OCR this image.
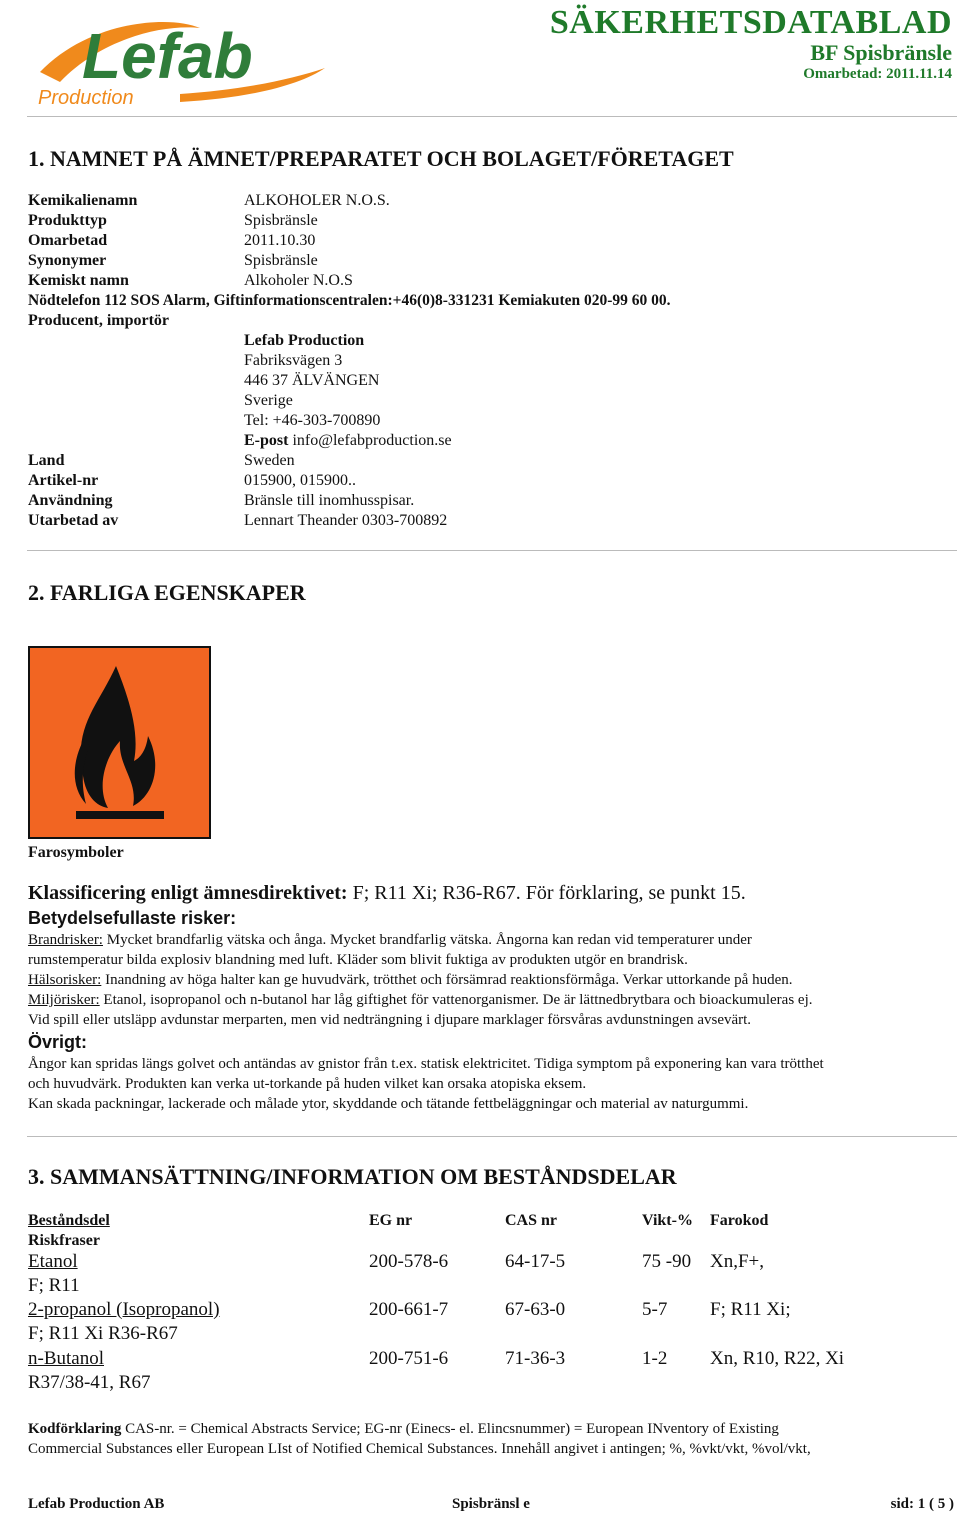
Lefab
Production
SÄKERHETSDATABLAD
BF Spisbränsle
Omarbetad: 2011.11.14
1. NAMNET PÅ ÄMNET/PREPARATET OCH BOLAGET/FÖRETAGET
Kemikalienamn	ALKOHOLER N.O.S.
Produkttyp	Spisbränsle
Omarbetad	2011.10.30
Synonymer	Spisbränsle
Kemiskt namn	Alkoholer N.O.S
Nödtelefon 112 SOS Alarm, Giftinformationscentralen:+46(0)8-331231 Kemiakuten 020-99 60 00.
Producent, importör
Lefab Production
Fabriksvägen 3
446 37 ÄLVÄNGEN
Sverige
Tel: +46-303-700890
E-post info@lefabproduction.se
Land	Sweden
Artikel-nr	015900, 015900..
Användning	Bränsle till inomhusspisar.
Utarbetad av	Lennart Theander 0303-700892
2. FARLIGA EGENSKAPER
Farosymboler
Klassificering enligt ämnesdirektivet: F; R11 Xi; R36-R67. För förklaring, se punkt 15.
Betydelsefullaste risker:
Brandrisker: Mycket brandfarlig vätska och ånga. Mycket brandfarlig vätska. Ångorna kan redan vid temperaturer under
rumstemperatur bilda explosiv blandning med luft. Kläder som blivit fuktiga av produkten utgör en brandrisk.
Hälsorisker: Inandning av höga halter kan ge huvudvärk, trötthet och försämrad reaktionsförmåga. Verkar uttorkande på huden.
Miljörisker: Etanol, isopropanol och n-butanol har låg giftighet för vattenorganismer. De är lättnedbrytbara och bioackumuleras ej.
Vid spill eller utsläpp avdunstar merparten, men vid nedträngning i djupare marklager försvåras avdunstningen avsevärt.
Övrigt:
Ångor kan spridas längs golvet och antändas av gnistor från t.ex. statisk elektricitet. Tidiga symptom på exponering kan vara trötthet
och huvudvärk. Produkten kan verka ut-torkande på huden vilket kan orsaka atopiska eksem.
Kan skada packningar, lackerade och målade ytor, skyddande och tätande fettbeläggningar och material av naturgummi.
3. SAMMANSÄTTNING/INFORMATION OM BESTÅNDSDELAR
Beståndsdel	EG nr	CAS nr	Vikt-% Farokod
Riskfraser
Etanol	200-578-6	64-17-5	75 -90 Xn,F+,
F; R11
2-propanol (Isopropanol)	200-661-7	67-63-0	5-7 F; R11 Xi;
F; R11 Xi R36-R67
n-Butanol	200-751-6	71-36-3	1-2 Xn, R10, R22, Xi
R37/38-41, R67
Kodförklaring CAS-nr. = Chemical Abstracts Service; EG-nr (Einecs- el. Elincsnummer) = European INventory of Existing
Commercial Substances eller European LIst of Notified Chemical Substances. Innehåll angivet i antingen; %, %vkt/vkt, %vol/vkt,
Lefab Production AB	Spisbränsl e	sid: 1 ( 5 )
